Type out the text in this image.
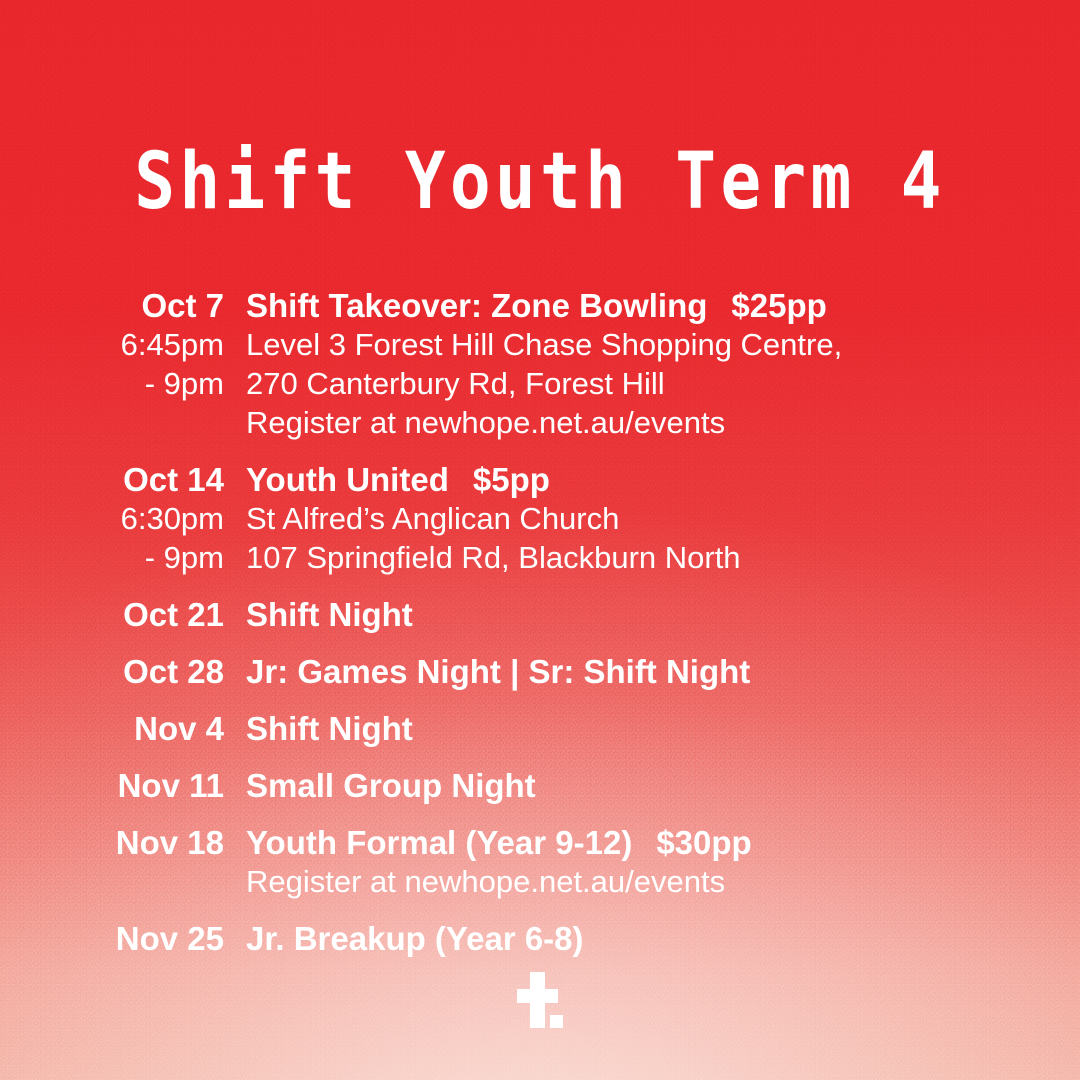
Shift Youth Term 4
Oct 7
6:45pm
- 9pm
Shift Takeover: Zone Bowling $25pp
Level 3 Forest Hill Chase Shopping Centre,
270 Canterbury Rd, Forest Hill
Register at newhope.net.au/events
Oct 14
6:30pm
- 9pm
Youth United $5pp
St Alfred’s Anglican Church
107 Springfield Rd, Blackburn North
Oct 21 Shift Night
Oct 28 Jr: Games Night | Sr: Shift Night
Nov 4 Shift Night
Nov 11 Small Group Night
Nov 18 Youth Formal (Year 9-12) $30pp
Register at newhope.net.au/events
Nov 25 Jr. Breakup (Year 6-8)
